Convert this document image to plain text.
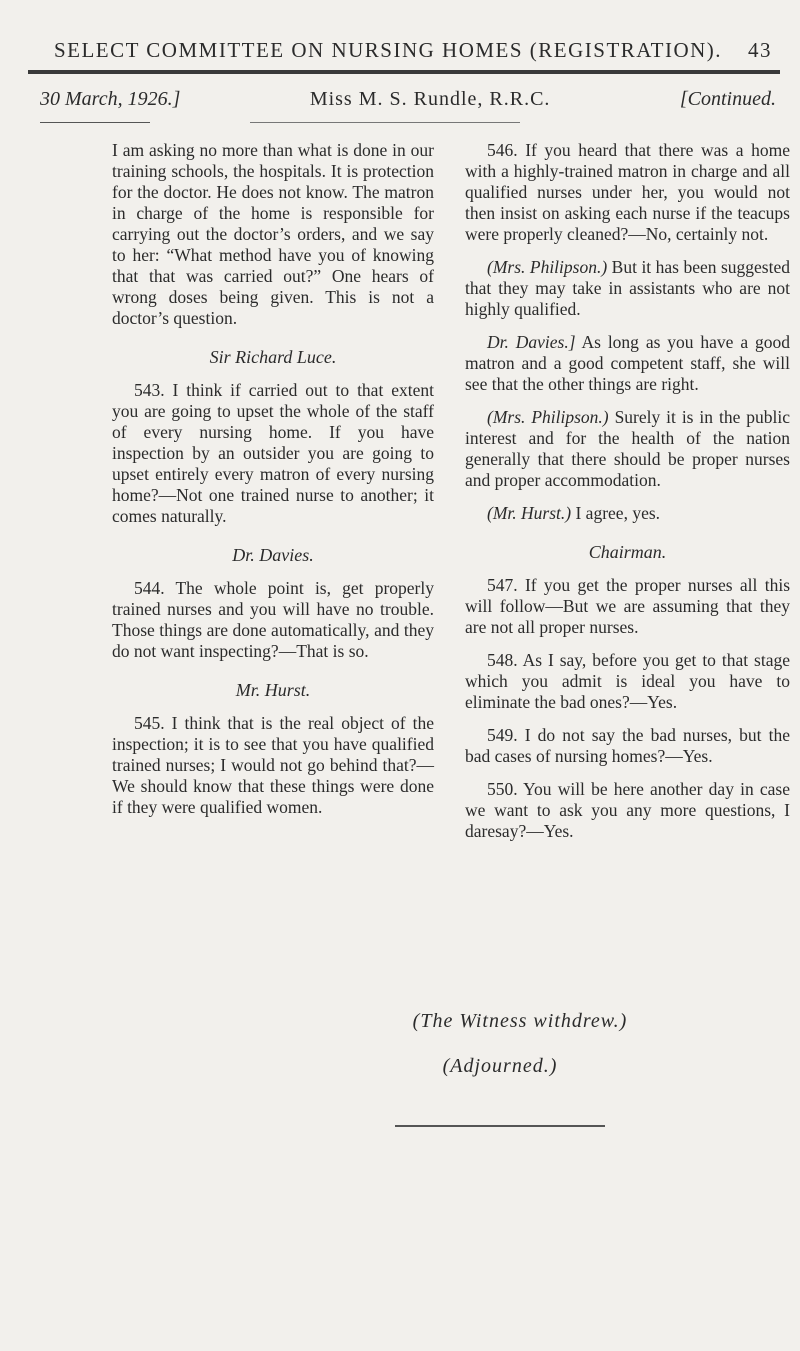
SELECT COMMITTEE ON NURSING HOMES (REGISTRATION).	43
30 March, 1926.]	Miss M. S. Rundle, R.R.C.	[Continued.

I am asking no more than what is done in our training schools, the hospitals. It is protection for the doctor. He does not know. The matron in charge of the home is responsible for carrying out the doctor’s orders, and we say to her: “What method have you of knowing that that was carried out?” One hears of wrong doses being given. This is not a doctor’s question.

Sir Richard Luce.

543. I think if carried out to that extent you are going to upset the whole of the staff of every nursing home. If you have inspection by an outsider you are going to upset entirely every matron of every nursing home?—Not one trained nurse to another; it comes naturally.

Dr. Davies.

544. The whole point is, get properly trained nurses and you will have no trouble. Those things are done automatically, and they do not want inspecting?—That is so.

Mr. Hurst.

545. I think that is the real object of the inspection; it is to see that you have qualified trained nurses; I would not go behind that?—We should know that these things were done if they were qualified women.

546. If you heard that there was a home with a highly-trained matron in charge and all qualified nurses under her, you would not then insist on asking each nurse if the teacups were properly cleaned?—No, certainly not.

(Mrs. Philipson.) But it has been suggested that they may take in assistants who are not highly qualified.

Dr. Davies.] As long as you have a good matron and a good competent staff, she will see that the other things are right.

(Mrs. Philipson.) Surely it is in the public interest and for the health of the nation generally that there should be proper nurses and proper accommodation.

(Mr. Hurst.) I agree, yes.

Chairman.

547. If you get the proper nurses all this will follow—But we are assuming that they are not all proper nurses.

548. As I say, before you get to that stage which you admit is ideal you have to eliminate the bad ones?—Yes.

549. I do not say the bad nurses, but the bad cases of nursing homes?—Yes.

550. You will be here another day in case we want to ask you any more questions, I daresay?—Yes.

(The Witness withdrew.)
(Adjourned.)
